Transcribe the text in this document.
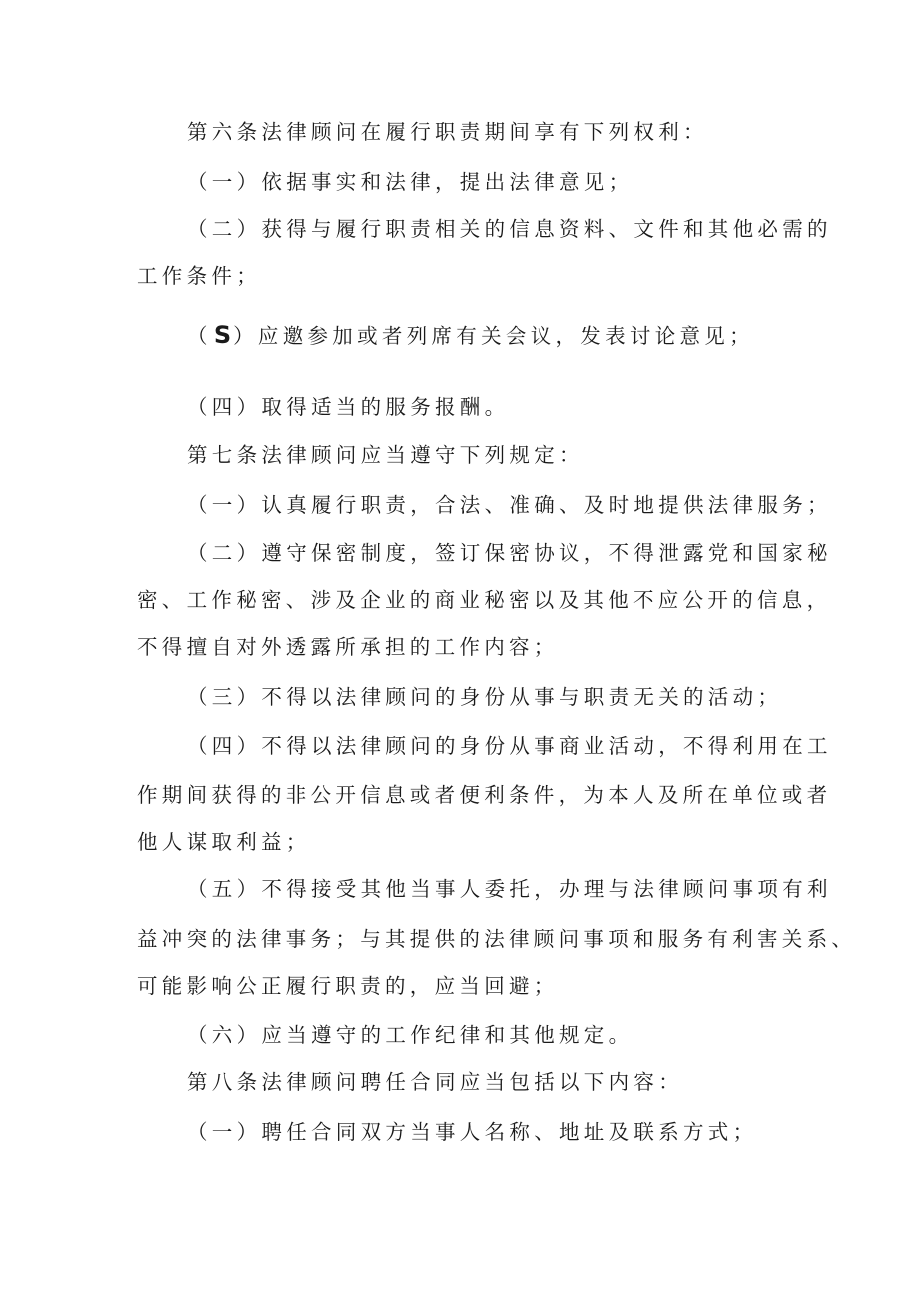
第六条法律顾问在履行职责期间享有下列权利：

（一）依据事实和法律，提出法律意见；

（二）获得与履行职责相关的信息资料、文件和其他必需的

工作条件；

（S）应邀参加或者列席有关会议，发表讨论意见；

（四）取得适当的服务报酬。

第七条法律顾问应当遵守下列规定：

（一）认真履行职责，合法、准确、及时地提供法律服务；

（二）遵守保密制度，签订保密协议，不得泄露党和国家秘

密、工作秘密、涉及企业的商业秘密以及其他不应公开的信息，

不得擅自对外透露所承担的工作内容；

（三）不得以法律顾问的身份从事与职责无关的活动；

（四）不得以法律顾问的身份从事商业活动，不得利用在工

作期间获得的非公开信息或者便利条件，为本人及所在单位或者

他人谋取利益；

（五）不得接受其他当事人委托，办理与法律顾问事项有利

益冲突的法律事务；与其提供的法律顾问事项和服务有利害关系、

可能影响公正履行职责的，应当回避；

（六）应当遵守的工作纪律和其他规定。

第八条法律顾问聘任合同应当包括以下内容：

（一）聘任合同双方当事人名称、地址及联系方式；
